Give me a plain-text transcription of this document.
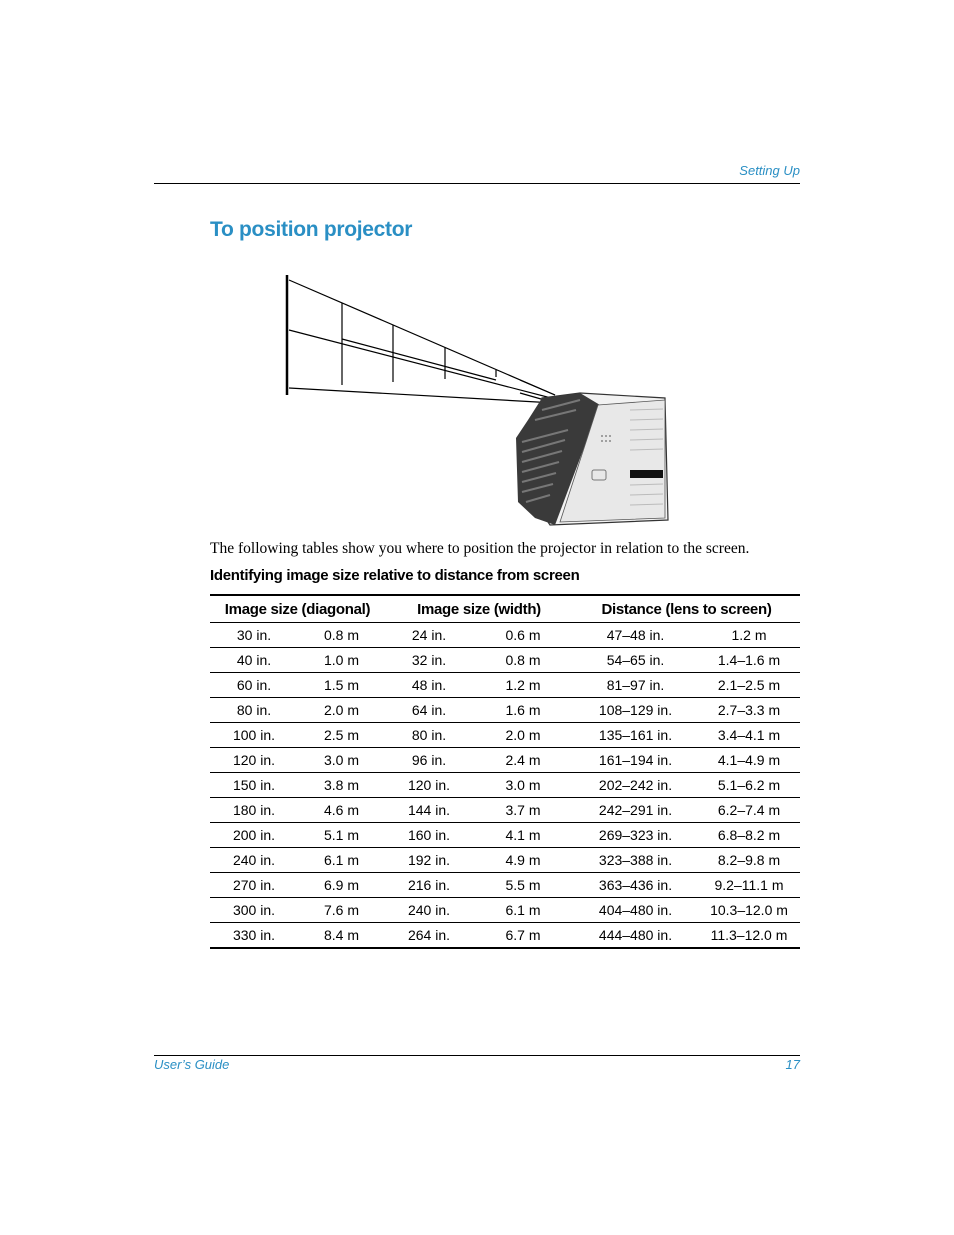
Setting Up
To position projector
The following tables show you where to position the projector in relation to the screen.
Identifying image size relative to distance from screen
Image size (diagonal)		Image size (width)		Distance (lens to screen)	
30 in.	0.8 m	24 in.	0.6 m	47–48 in.	1.2 m
40 in.	1.0 m	32 in.	0.8 m	54–65 in.	1.4–1.6 m
60 in.	1.5 m	48 in.	1.2 m	81–97 in.	2.1–2.5 m
80 in.	2.0 m	64 in.	1.6 m	108–129 in.	2.7–3.3 m
100 in.	2.5 m	80 in.	2.0 m	135–161 in.	3.4–4.1 m
120 in.	3.0 m	96 in.	2.4 m	161–194 in.	4.1–4.9 m
150 in.	3.8 m	120 in.	3.0 m	202–242 in.	5.1–6.2 m
180 in.	4.6 m	144 in.	3.7 m	242–291 in.	6.2–7.4 m
200 in.	5.1 m	160 in.	4.1 m	269–323 in.	6.8–8.2 m
240 in.	6.1 m	192 in.	4.9 m	323–388 in.	8.2–9.8 m
270 in.	6.9 m	216 in.	5.5 m	363–436 in.	9.2–11.1 m
300 in.	7.6 m	240 in.	6.1 m	404–480 in.	10.3–12.0 m
330 in.	8.4 m	264 in.	6.7 m	444–480 in.	11.3–12.0 m
User’s Guide	17
